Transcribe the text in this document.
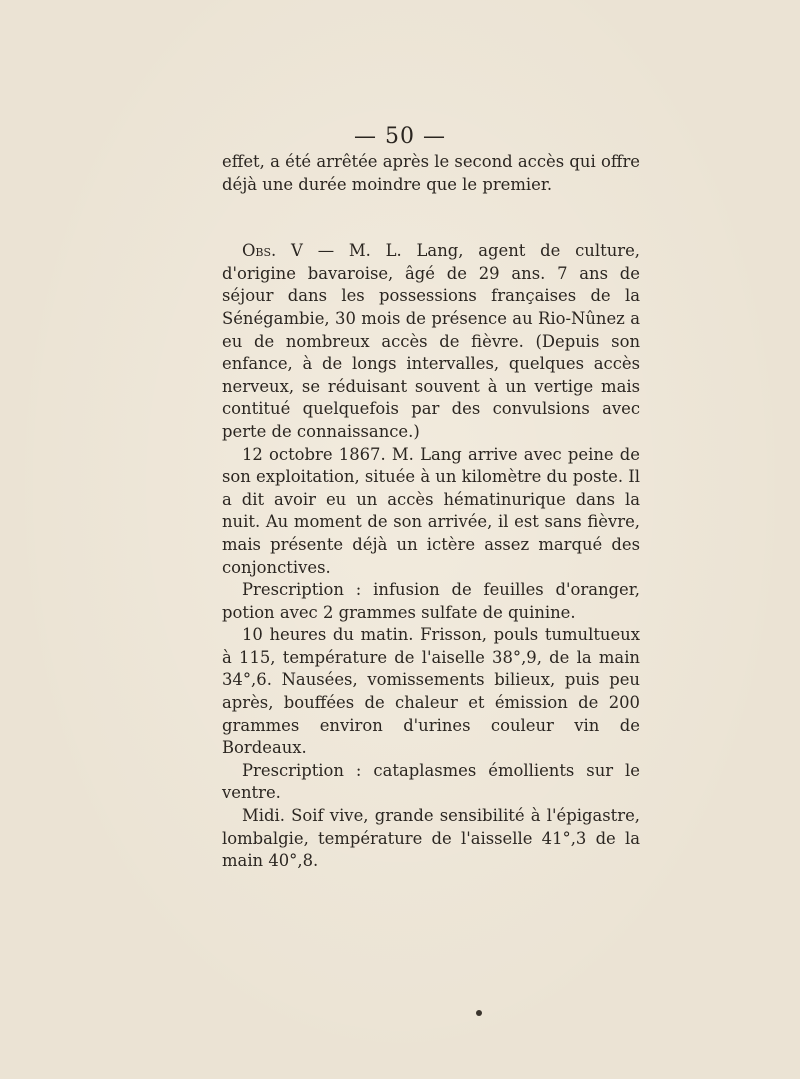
— 50 —

effet, a été arrêtée après le second accès qui offre déjà une durée moindre que le premier.

Obs. V — M. L. Lang, agent de culture, d'origine bavaroise, âgé de 29 ans. 7 ans de séjour dans les possessions françaises de la Sénégambie, 30 mois de présence au Rio-Nûnez a eu de nombreux accès de fièvre. (Depuis son enfance, à de longs intervalles, quelques accès nerveux, se réduisant souvent à un vertige mais contitué quelquefois par des convulsions avec perte de connaissance.)

12 octobre 1867. M. Lang arrive avec peine de son exploitation, située à un kilomètre du poste. Il a dit avoir eu un accès hématinurique dans la nuit. Au moment de son arrivée, il est sans fièvre, mais présente déjà un ictère assez marqué des conjonctives.

Prescription : infusion de feuilles d'oranger, potion avec 2 grammes sulfate de quinine.

10 heures du matin. Frisson, pouls tumultueux à 115, température de l'aiselle 38°,9, de la main 34°,6. Nausées, vomissements bilieux, puis peu après, bouffées de chaleur et émission de 200 grammes environ d'urines couleur vin de Bordeaux.

Prescription : cataplasmes émollients sur le ventre.

Midi. Soif vive, grande sensibilité à l'épigastre, lombalgie, température de l'aisselle 41°,3 de la main 40°,8.
